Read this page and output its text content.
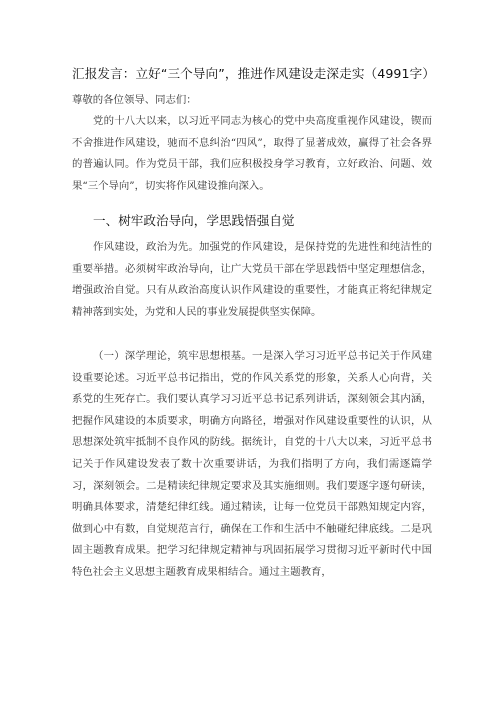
汇报发言：立好“三个导向”，推进作风建设走深走实（4991字）
尊敬的各位领导、同志们：

党的十八大以来，以习近平同志为核心的党中央高度重视作风建设，锲而不舍推进作风建设，驰而不息纠治“四风”，取得了显著成效，赢得了社会各界的普遍认同。作为党员干部，我们应积极投身学习教育，立好政治、问题、效果“三个导向”，切实将作风建设推向深入。

一、树牢政治导向，学思践悟强自觉

作风建设，政治为先。加强党的作风建设，是保持党的先进性和纯洁性的重要举措。必须树牢政治导向，让广大党员干部在学思践悟中坚定理想信念，增强政治自觉。只有从政治高度认识作风建设的重要性，才能真正将纪律规定精神落到实处，为党和人民的事业发展提供坚实保障。

（一）深学理论，筑牢思想根基。一是深入学习习近平总书记关于作风建设重要论述。习近平总书记指出，党的作风关系党的形象，关系人心向背，关系党的生死存亡。我们要认真学习习近平总书记系列讲话，深刻领会其内涵，把握作风建设的本质要求，明确方向路径，增强对作风建设重要性的认识，从思想深处筑牢抵制不良作风的防线。据统计，自党的十八大以来，习近平总书记关于作风建设发表了数十次重要讲话，为我们指明了方向，我们需逐篇学习，深刻领会。二是精读纪律规定要求及其实施细则。我们要逐字逐句研读，明确具体要求，清楚纪律红线。通过精读，让每一位党员干部熟知规定内容，做到心中有数，自觉规范言行，确保在工作和生活中不触碰纪律底线。二是巩固主题教育成果。把学习纪律规定精神与巩固拓展学习贯彻习近平新时代中国特色社会主义思想主题教育成果相结合。通过主题教育，
